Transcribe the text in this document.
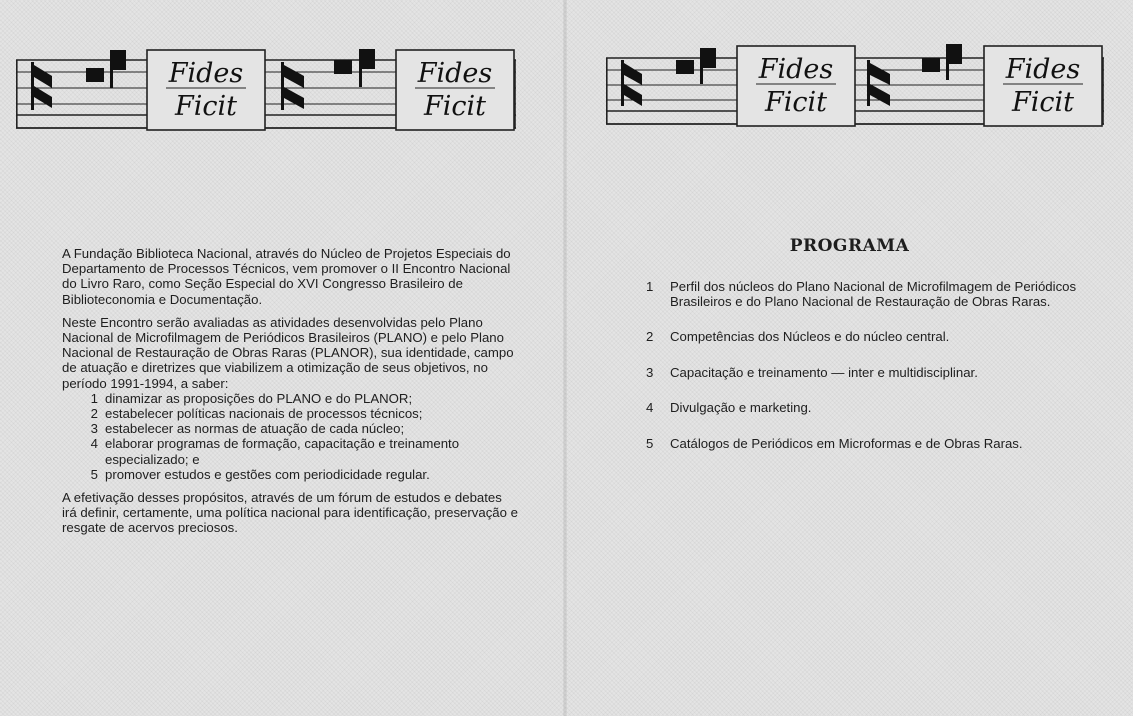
Fides
Ficit
Fides
Ficit
Fides
Ficit
Fides
Ficit

A Fundação Biblioteca Nacional, através do Núcleo de Projetos Especiais do Departamento de Processos Técnicos, vem promover o II Encontro Nacional do Livro Raro, como Seção Especial do XVI Congresso Brasileiro de Biblioteconomia e Documentação.

Neste Encontro serão avaliadas as atividades desenvolvidas pelo Plano Nacional de Microfilmagem de Periódicos Brasileiros (PLANO) e pelo Plano Nacional de Restauração de Obras Raras (PLANOR), sua identidade, campo de atuação e diretrizes que viabilizem a otimização de seus objetivos, no período 1991-1994, a saber:

1 dinamizar as proposições do PLANO e do PLANOR;
2 estabelecer políticas nacionais de processos técnicos;
3 estabelecer as normas de atuação de cada núcleo;
4 elaborar programas de formação, capacitação e treinamento especializado; e
5 promover estudos e gestões com periodicidade regular.

A efetivação desses propósitos, através de um fórum de estudos e debates irá definir, certamente, uma política nacional para identificação, preservação e resgate de acervos preciosos.

PROGRAMA
1	Perfil dos núcleos do Plano Nacional de Microfilmagem de Periódicos Brasileiros e do Plano Nacional de Restauração de Obras Raras.
2	Competências dos Núcleos e do núcleo central.
3	Capacitação e treinamento — inter e multidisciplinar.
4	Divulgação e marketing.
5	Catálogos de Periódicos em Microformas e de Obras Raras.
